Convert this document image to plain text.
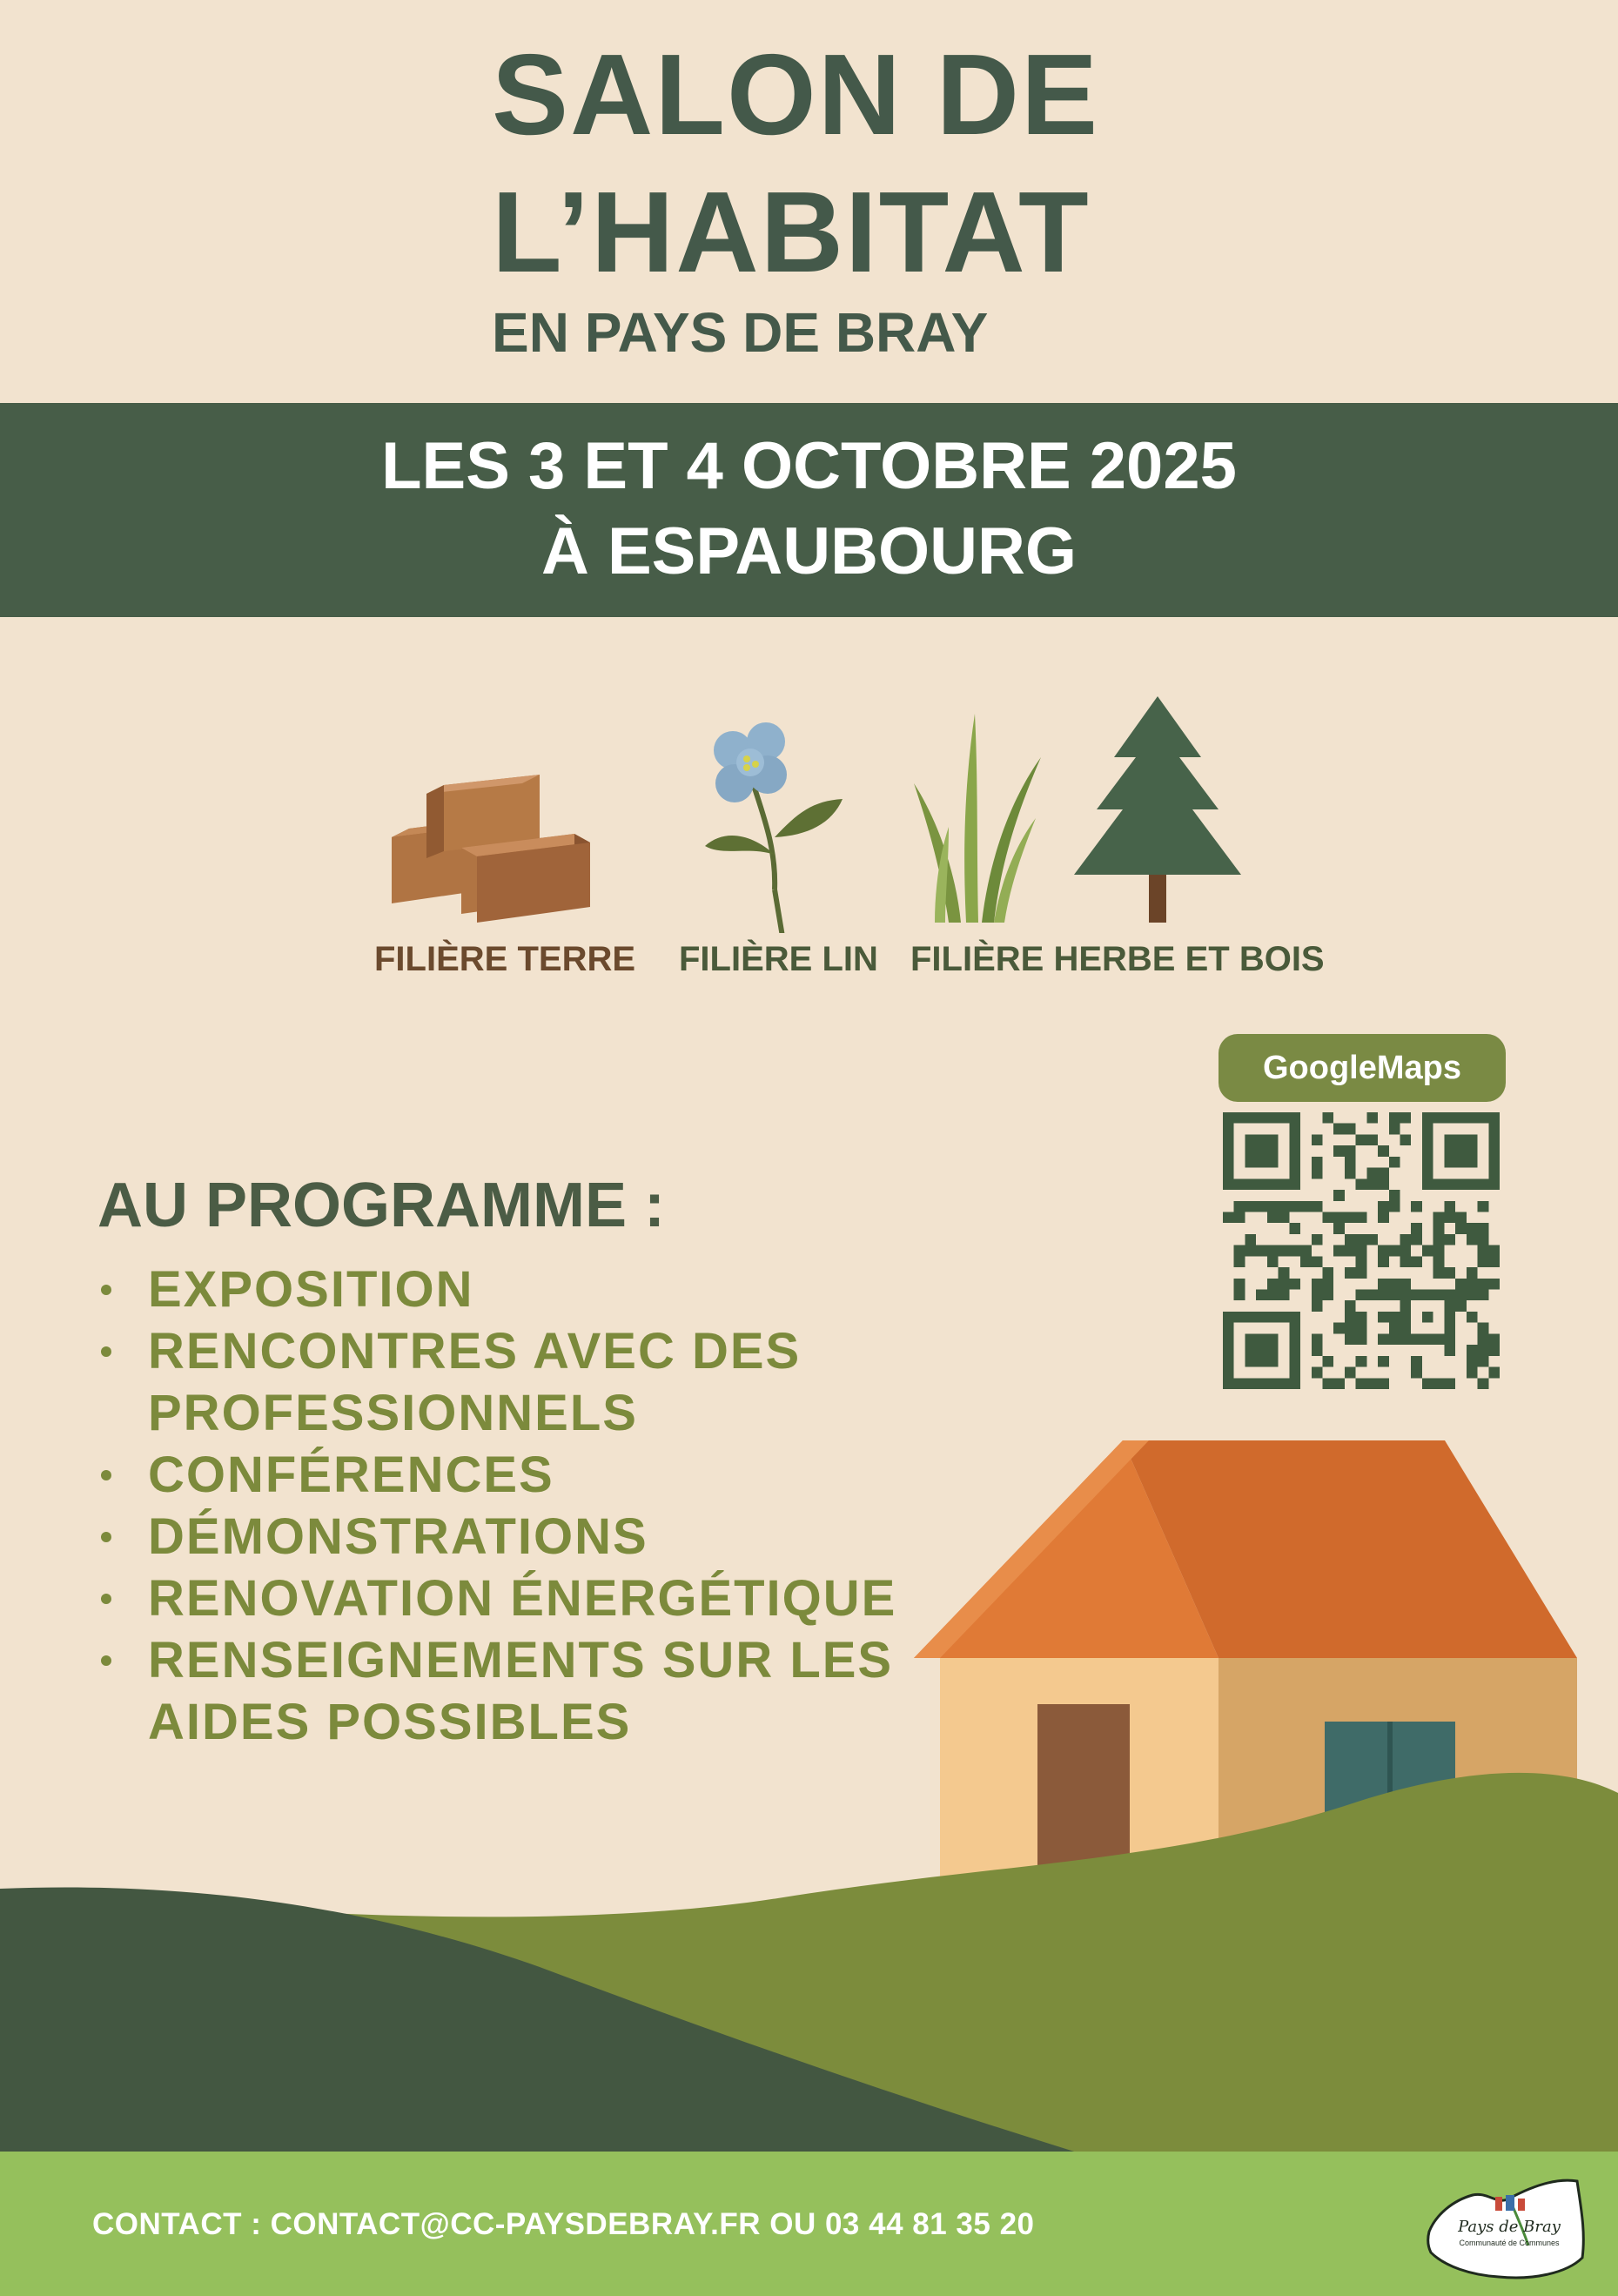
SALON DE
L’HABITAT
EN PAYS DE BRAY
LES 3 ET 4 OCTOBRE 2025
À ESPAUBOURG
FILIÈRE TERRE FILIÈRE LIN FILIÈRE HERBE ET BOIS
GoogleMaps
AU PROGRAMME :
EXPOSITION
RENCONTRES AVEC DES PROFESSIONNELS
CONFÉRENCES
DÉMONSTRATIONS
RENOVATION ÉNERGÉTIQUE
RENSEIGNEMENTS SUR LES AIDES POSSIBLES
CONTACT : CONTACT@CC-PAYSDEBRAY.FR OU 03 44 81 35 20	Pays de Bray
Communauté de Communes
